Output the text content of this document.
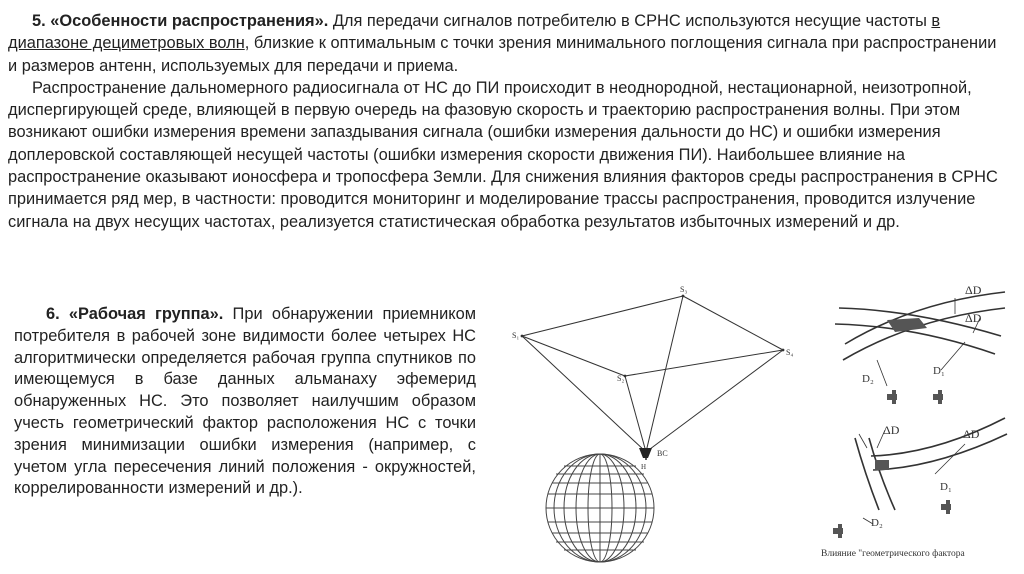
5. «Особенности распространения». Для передачи сигналов потребителю в СРНС используются несущие частоты в диапазоне дециметровых волн, близкие к оптимальным с точки зрения минимального поглощения сигнала при распространении и размеров антенн, используемых для передачи и приема.

Распространение дальномерного радиосигнала от НС до ПИ происходит в неоднородной, нестационарной, неизотропной, диспергирующей среде, влияющей в первую очередь на фазовую скорость и траекторию распространения волны. При этом возникают ошибки измерения времени запаздывания сигнала (ошибки измерения дальности до НС) и ошибки измерения доплеровской составляющей несущей частоты (ошибки измерения скорости движения ПИ). Наибольшее влияние на распространение оказывают ионосфера и тропосфера Земли. Для снижения влияния факторов среды распространения в СРНС принимается ряд мер, в частности: проводится мониторинг и моделирование трассы распространения, проводится излучение сигнала на двух несущих частотах, реализуется статистическая обработка результатов избыточных измерений и др.

6. «Рабочая группа». При обнаружении приемником потребителя в рабочей зоне видимости более четырех НС алгоритмически определяется рабочая группа спутников по имеющемуся в базе данных альманаху эфемерид обнаруженных НС. Это позволяет наилучшим образом учесть геометрический фактор расположения НС с точки зрения минимизации ошибки измерения (например, с учетом угла пересечения линий положения - окружностей, коррелированности измерений и др.).

S₁
S₃
S₂
S₄
BC
H
ΔD
ΔD
D₂
D₁
ΔD	ΔD
D₁
D₂
Влияние "геометрического фактора
